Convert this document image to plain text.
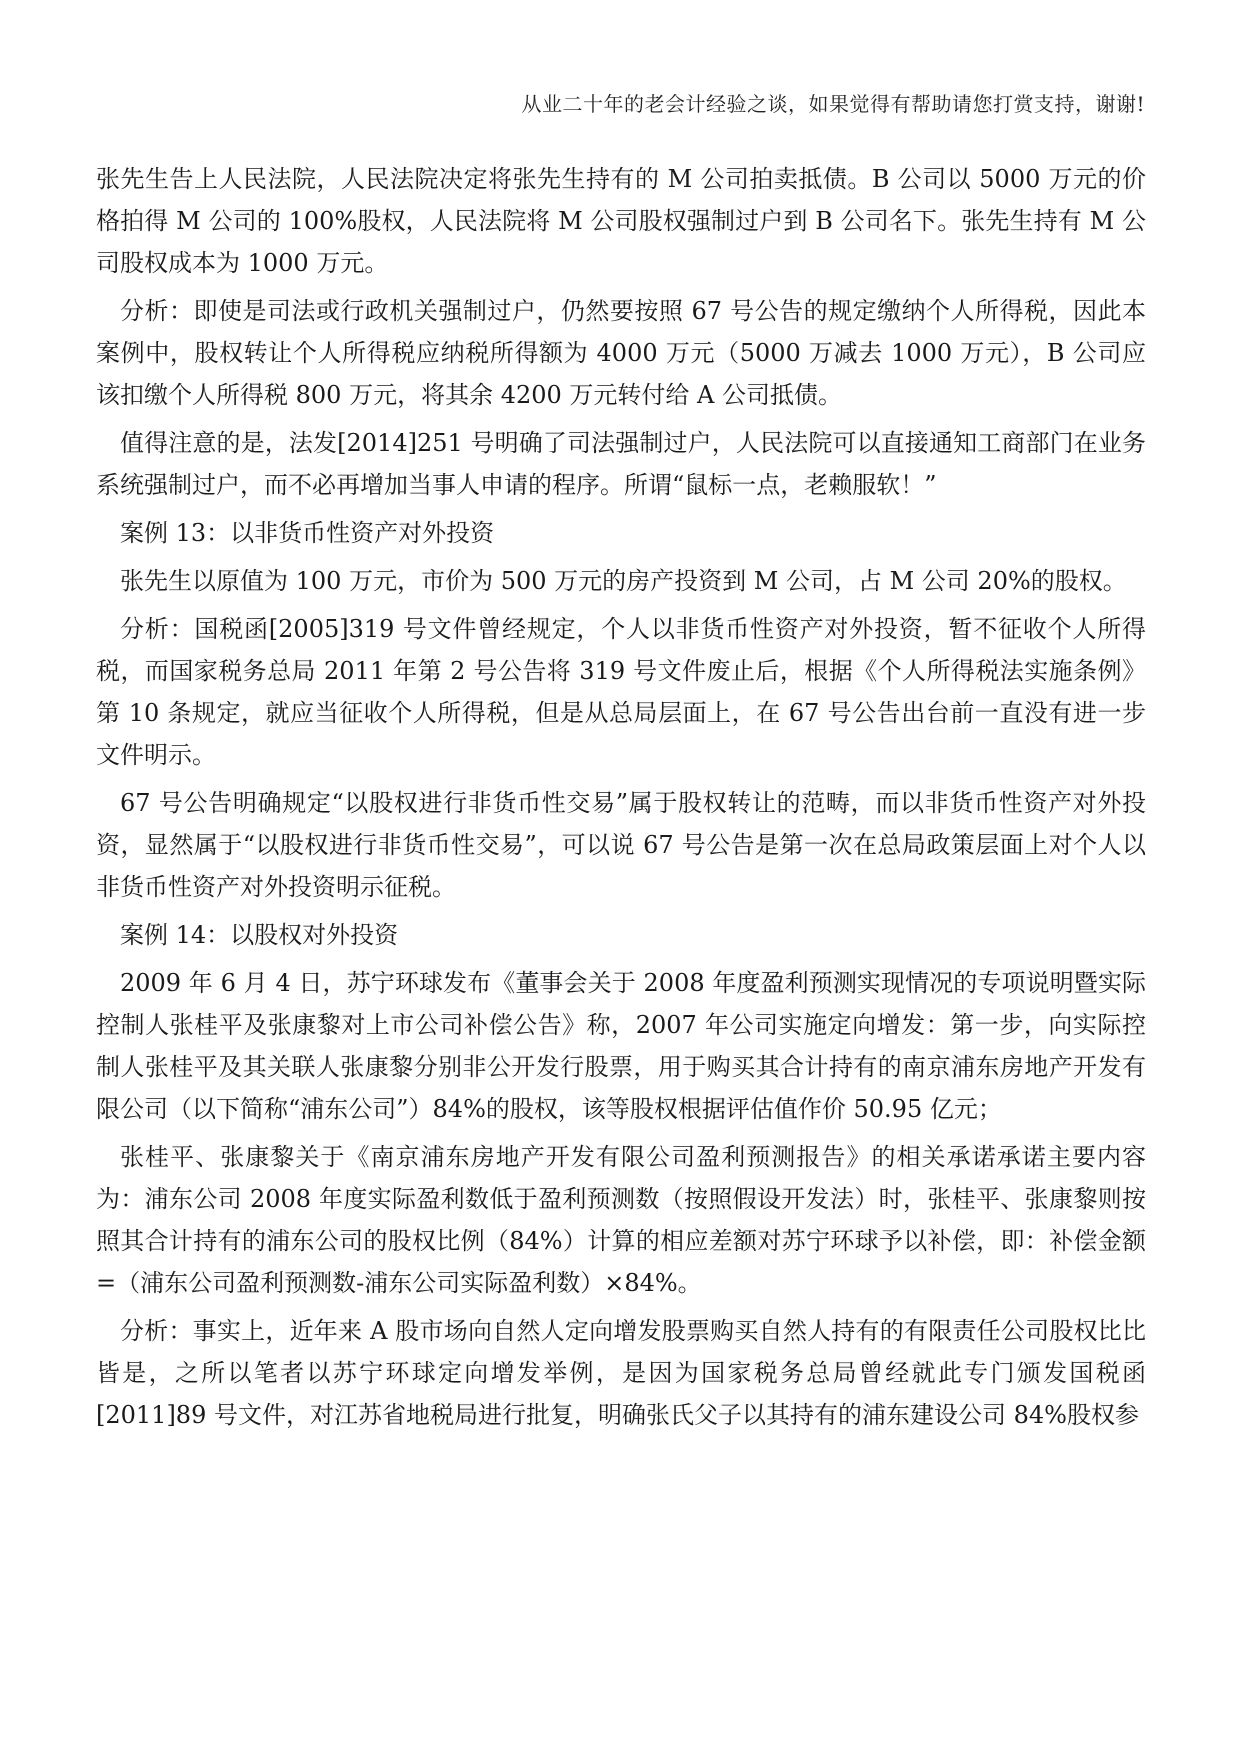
从业二十年的老会计经验之谈，如果觉得有帮助请您打赏支持，谢谢!

张先生告上人民法院，人民法院决定将张先生持有的 M 公司拍卖抵债。B 公司以 5000 万元的价格拍得 M 公司的 100%股权，人民法院将 M 公司股权强制过户到 B 公司名下。张先生持有 M 公司股权成本为 1000 万元。

分析：即使是司法或行政机关强制过户，仍然要按照 67 号公告的规定缴纳个人所得税，因此本案例中，股权转让个人所得税应纳税所得额为 4000 万元（5000 万减去 1000 万元），B 公司应该扣缴个人所得税 800 万元，将其余 4200 万元转付给 A 公司抵债。

值得注意的是，法发[2014]251 号明确了司法强制过户，人民法院可以直接通知工商部门在业务系统强制过户，而不必再增加当事人申请的程序。所谓“鼠标一点，老赖服软！”

案例 13：以非货币性资产对外投资

张先生以原值为 100 万元，市价为 500 万元的房产投资到 M 公司，占 M 公司 20%的股权。

分析：国税函[2005]319 号文件曾经规定，个人以非货币性资产对外投资，暂不征收个人所得税，而国家税务总局 2011 年第 2 号公告将 319 号文件废止后，根据《个人所得税法实施条例》第 10 条规定，就应当征收个人所得税，但是从总局层面上，在 67 号公告出台前一直没有进一步文件明示。

67 号公告明确规定“以股权进行非货币性交易”属于股权转让的范畴，而以非货币性资产对外投资，显然属于“以股权进行非货币性交易”，可以说 67 号公告是第一次在总局政策层面上对个人以非货币性资产对外投资明示征税。

案例 14：以股权对外投资

2009 年 6 月 4 日，苏宁环球发布《董事会关于 2008 年度盈利预测实现情况的专项说明暨实际控制人张桂平及张康黎对上市公司补偿公告》称，2007 年公司实施定向增发：第一步，向实际控制人张桂平及其关联人张康黎分别非公开发行股票，用于购买其合计持有的南京浦东房地产开发有限公司（以下简称“浦东公司”）84%的股权，该等股权根据评估值作价 50.95 亿元；

张桂平、张康黎关于《南京浦东房地产开发有限公司盈利预测报告》的相关承诺承诺主要内容为：浦东公司 2008 年度实际盈利数低于盈利预测数（按照假设开发法）时，张桂平、张康黎则按照其合计持有的浦东公司的股权比例（84%）计算的相应差额对苏宁环球予以补偿，即：补偿金额=（浦东公司盈利预测数-浦东公司实际盈利数）×84%。

分析：事实上，近年来 A 股市场向自然人定向增发股票购买自然人持有的有限责任公司股权比比皆是，之所以笔者以苏宁环球定向增发举例，是因为国家税务总局曾经就此专门颁发国税函[2011]89 号文件，对江苏省地税局进行批复，明确张氏父子以其持有的浦东建设公司 84%股权参
